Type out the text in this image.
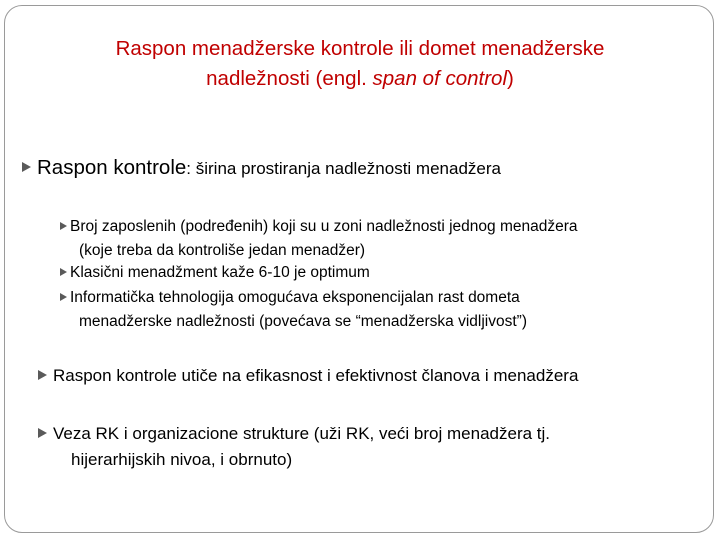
Raspon menadžerske kontrole ili domet menadžerske
nadležnosti (engl. span of control)
Raspon kontrole: širina prostiranja nadležnosti menadžera
Broj zaposlenih (podređenih) koji su u zoni nadležnosti jednog menadžera
(koje treba da kontroliše jedan menadžer)
Klasični menadžment kaže 6-10 je optimum
Informatička tehnologija omogućava eksponencijalan rast dometa
menadžerske nadležnosti (povećava se “menadžerska vidljivost”)
Raspon kontrole utiče na efikasnost i efektivnost članova i menadžera
Veza RK i organizacione strukture (uži RK, veći broj menadžera tj.
hijerarhijskih nivoa, i obrnuto)
